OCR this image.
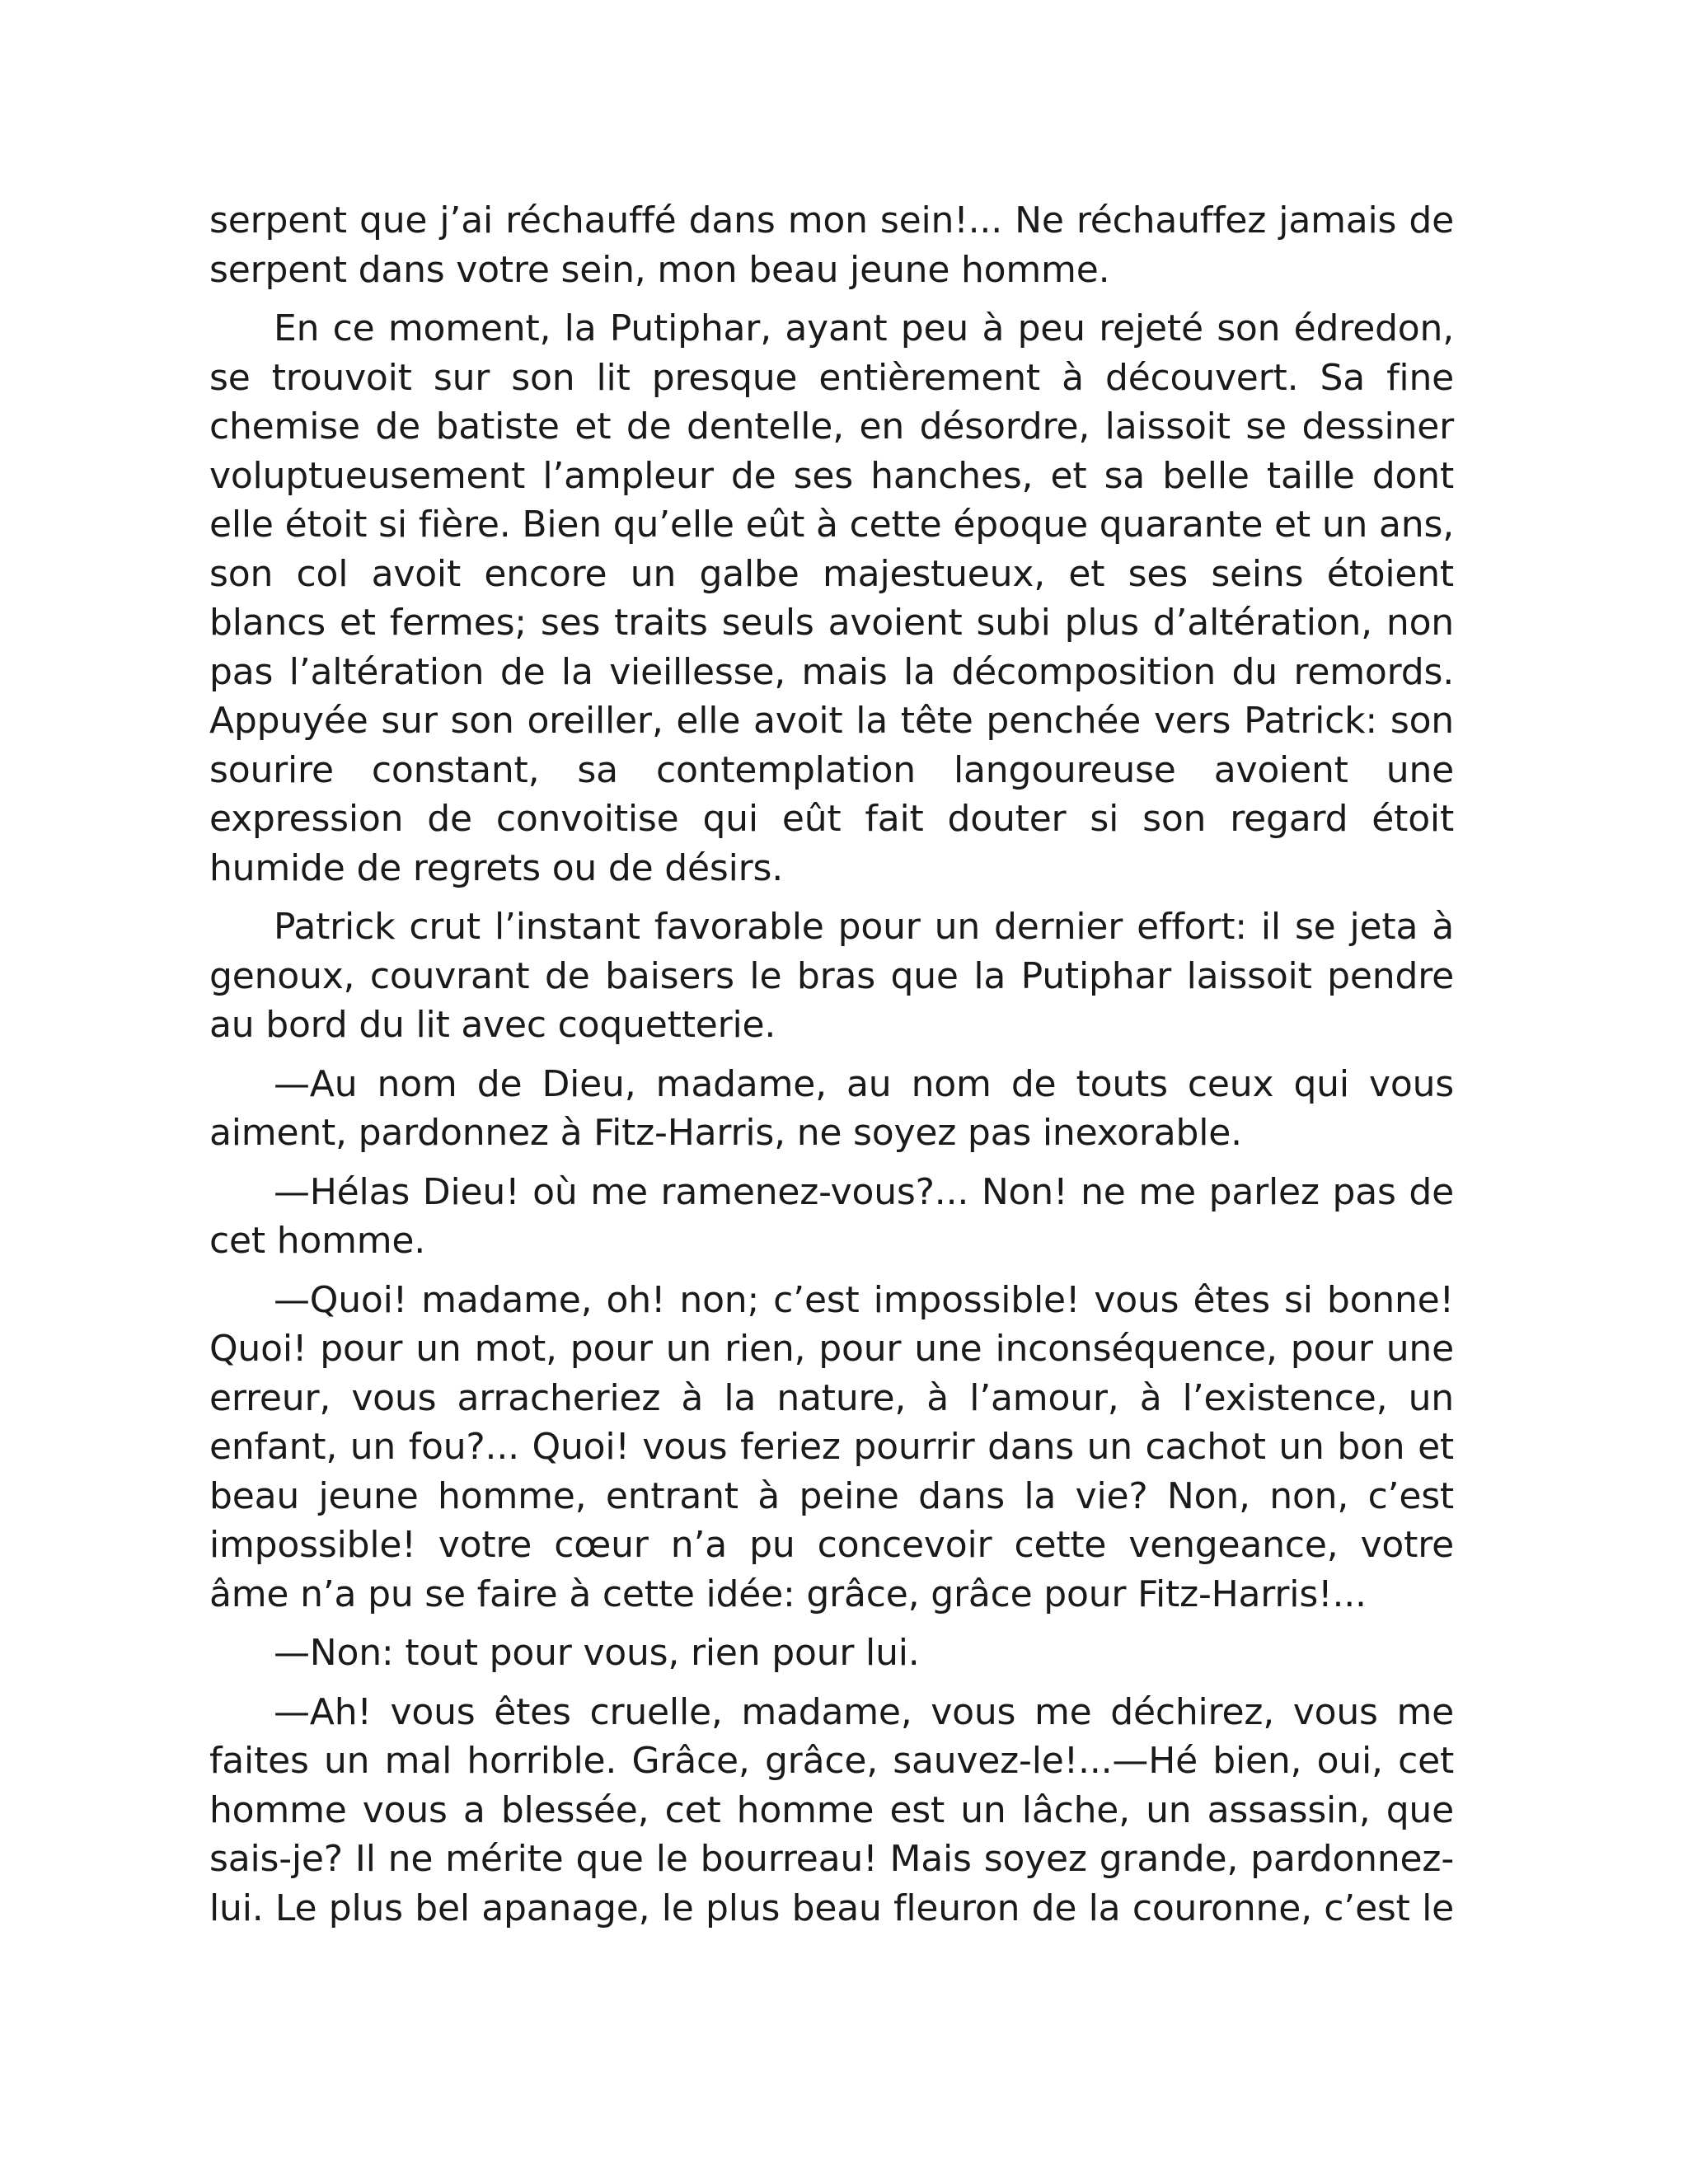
serpent que j’ai réchauffé dans mon sein!... Ne réchauffez jamais de serpent dans votre sein, mon beau jeune homme.

En ce moment, la Putiphar, ayant peu à peu rejeté son édredon, se trouvoit sur son lit presque entièrement à découvert. Sa fine chemise de batiste et de dentelle, en désordre, laissoit se dessiner voluptueusement l’ampleur de ses hanches, et sa belle taille dont elle étoit si fière. Bien qu’elle eût à cette époque quarante et un ans, son col avoit encore un galbe majestueux, et ses seins étoient blancs et fermes; ses traits seuls avoient subi plus d’altération, non pas l’altération de la vieillesse, mais la décomposition du remords. Appuyée sur son oreiller, elle avoit la tête penchée vers Patrick: son sourire constant, sa contemplation langoureuse avoient une expression de convoitise qui eût fait douter si son regard étoit humide de regrets ou de désirs.

Patrick crut l’instant favorable pour un dernier effort: il se jeta à genoux, couvrant de baisers le bras que la Putiphar laissoit pendre au bord du lit avec coquetterie.

—Au nom de Dieu, madame, au nom de touts ceux qui vous aiment, pardonnez à Fitz-Harris, ne soyez pas inexorable.

—Hélas Dieu! où me ramenez-vous?... Non! ne me parlez pas de cet homme.

—Quoi! madame, oh! non; c’est impossible! vous êtes si bonne! Quoi! pour un mot, pour un rien, pour une inconséquence, pour une erreur, vous arracheriez à la nature, à l’amour, à l’existence, un enfant, un fou?... Quoi! vous feriez pourrir dans un cachot un bon et beau jeune homme, entrant à peine dans la vie? Non, non, c’est impossible! votre cœur n’a pu concevoir cette vengeance, votre âme n’a pu se faire à cette idée: grâce, grâce pour Fitz-Harris!...

—Non: tout pour vous, rien pour lui.

—Ah! vous êtes cruelle, madame, vous me déchirez, vous me faites un mal horrible. Grâce, grâce, sauvez-le!...—Hé bien, oui, cet homme vous a blessée, cet homme est un lâche, un assassin, que sais-je? Il ne mérite que le bourreau! Mais soyez grande, pardonnez-lui. Le plus bel apanage, le plus beau fleuron de la couronne, c’est le
